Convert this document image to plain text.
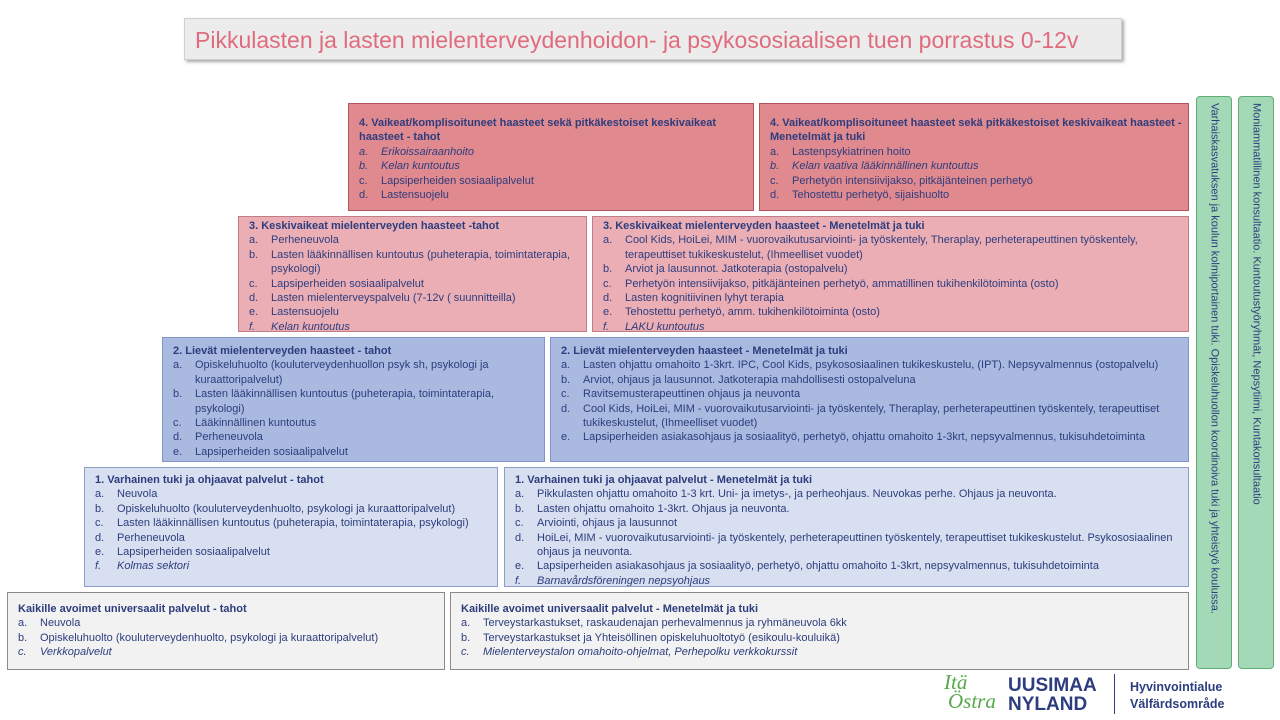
Pikkulasten ja lasten mielenterveydenhoidon- ja psykososiaalisen tuen porrastus 0-12v
4. Vaikeat/komplisoituneet haasteet sekä pitkäkestoiset keskivaikeat haasteet - tahot
a. Erikoissairaanhoito
b. Kelan kuntoutus
c. Lapsiperheiden sosiaalipalvelut
d. Lastensuojelu
4. Vaikeat/komplisoituneet haasteet sekä pitkäkestoiset keskivaikeat haasteet - Menetelmät ja tuki
a. Lastenpsykiatrinen hoito
b. Kelan vaativa lääkinnällinen kuntoutus
c. Perhetyön intensiivijakso, pitkäjänteinen perhetyö
d. Tehostettu perhetyö, sijaishuolto
3. Keskivaikeat mielenterveyden haasteet -tahot
a. Perheneuvola
b. Lasten lääkinnällisen kuntoutus (puheterapia, toimintaterapia, psykologi)
c. Lapsiperheiden sosiaalipalvelut
d. Lasten mielenterveyspalvelu (7-12v ( suunnitteilla)
e. Lastensuojelu
f. Kelan kuntoutus
3. Keskivaikeat mielenterveyden haasteet - Menetelmät ja tuki
a. Cool Kids, HoiLei, MIM - vuorovaikutusarviointi- ja työskentely, Theraplay, perheterapeuttinen työskentely, terapeuttiset tukikeskustelut, (Ihmeelliset vuodet)
b. Arviot ja lausunnot. Jatkoterapia (ostopalvelu)
c. Perhetyön intensiivijakso, pitkäjänteinen perhetyö, ammatillinen tukihenkilötoiminta (osto)
d. Lasten kognitiivinen lyhyt terapia
e. Tehostettu perhetyö, amm. tukihenkilötoiminta (osto)
f. LAKU kuntoutus
2. Lievät mielenterveyden haasteet - tahot
a. Opiskeluhuolto (kouluterveydenhuollon psyk sh, psykologi ja kuraattoripalvelut)
b. Lasten lääkinnällisen kuntoutus (puheterapia, toimintaterapia, psykologi)
c. Lääkinnällinen kuntoutus
d. Perheneuvola
e. Lapsiperheiden sosiaalipalvelut
2. Lievät mielenterveyden haasteet - Menetelmät ja tuki
a. Lasten ohjattu omahoito 1-3krt. IPC, Cool Kids, psykososiaalinen tukikeskustelu, (IPT). Nepsyvalmennus (ostopalvelu)
b. Arviot, ohjaus ja lausunnot. Jatkoterapia mahdollisesti ostopalveluna
c. Ravitsemusterapeuttinen ohjaus ja neuvonta
d. Cool Kids, HoiLei, MIM - vuorovaikutusarviointi- ja työskentely, Theraplay, perheterapeuttinen työskentely, terapeuttiset tukikeskustelut, (Ihmeelliset vuodet)
e. Lapsiperheiden asiakasohjaus ja sosiaalityö, perhetyö, ohjattu omahoito 1-3krt, nepsyvalmennus, tukisuhdetoiminta
1. Varhainen tuki ja ohjaavat palvelut - tahot
a. Neuvola
b. Opiskeluhuolto (kouluterveydenhuolto, psykologi ja kuraattoripalvelut)
c. Lasten lääkinnällisen kuntoutus (puheterapia, toimintaterapia, psykologi)
d. Perheneuvola
e. Lapsiperheiden sosiaalipalvelut
f. Kolmas sektori
1. Varhainen tuki ja ohjaavat palvelut - Menetelmät ja tuki
a. Pikkulasten ohjattu omahoito 1-3 krt. Uni- ja imetys-, ja perheohjaus. Neuvokas perhe. Ohjaus ja neuvonta.
b. Lasten ohjattu omahoito 1-3krt. Ohjaus ja neuvonta.
c. Arviointi, ohjaus ja lausunnot
d. HoiLei, MIM - vuorovaikutusarviointi- ja työskentely, perheterapeuttinen työskentely, terapeuttiset tukikeskustelut. Psykososiaalinen ohjaus ja neuvonta.
e. Lapsiperheiden asiakasohjaus ja sosiaalityö, perhetyö, ohjattu omahoito 1-3krt, nepsyvalmennus, tukisuhdetoiminta
f. Barnavårdsföreningen nepsyohjaus
Kaikille avoimet universaalit palvelut - tahot
a. Neuvola
b. Opiskeluhuolto (kouluterveydenhuolto, psykologi ja kuraattoripalvelut)
c. Verkkopalvelut
Kaikille avoimet universaalit palvelut - Menetelmät ja tuki
a. Terveystarkastukset, raskaudenajan perhevalmennus ja ryhmäneuvola 6kk
b. Terveystarkastukset ja Yhteisöllinen opiskeluhuoltotyö (esikoulu-kouluikä)
c. Mielenterveystalon omahoito-ohjelmat, Perhepolku verkkokurssit
Varhaiskasvatuksen ja koulun kolmiportainen tuki. Opiskeluhuollon koordinoiva tuki ja yhteistyö koulussa.	Moniammatillinen konsultaatio. Kuntoutustyöryhmät, Nepsytiimi, Kuntakonsultaatio
Itä
Östra
UUSIMAA
NYLAND
Hyvinvointialue
Välfärdsområde
